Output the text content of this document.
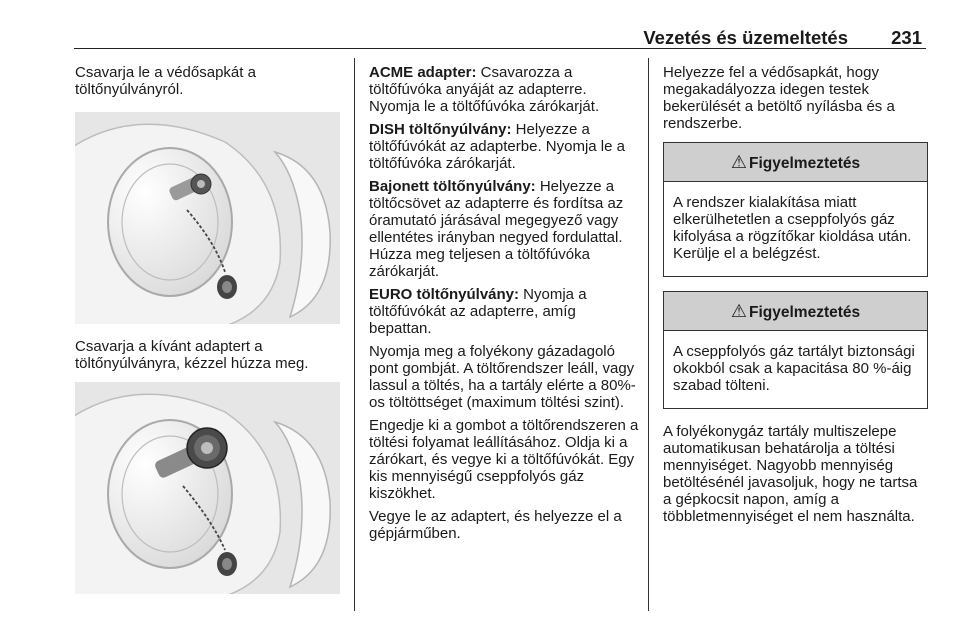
Vezetés és üzemeltetés 231

Csavarja le a védősapkát a töltőnyúlványról.

Csavarja a kívánt adaptert a töltőnyúlványra, kézzel húzza meg.

ACME adapter: Csavarozza a töltőfúvóka anyáját az adapterre. Nyomja le a töltőfúvóka zárókarját.

DISH töltőnyúlvány: Helyezze a töltőfúvókát az adapterbe. Nyomja le a töltőfúvóka zárókarját.

Bajonett töltőnyúlvány: Helyezze a töltőcsövet az adapterre és fordítsa az óramutató járásával megegyező vagy ellentétes irányban negyed fordulattal. Húzza meg teljesen a töltőfúvóka zárókarját.

EURO töltőnyúlvány: Nyomja a töltőfúvókát az adapterre, amíg bepattan.

Nyomja meg a folyékony gázadagoló pont gombját. A töltőrendszer leáll, vagy lassul a töltés, ha a tartály elérte a 80%-os töltöttséget (maximum töltési szint).

Engedje ki a gombot a töltőrendszeren a töltési folyamat leállításához. Oldja ki a zárókart, és vegye ki a töltőfúvókát. Egy kis mennyiségű cseppfolyós gáz kiszökhet.

Vegye le az adaptert, és helyezze el a gépjárműben.

Helyezze fel a védősapkát, hogy megakadályozza idegen testek bekerülését a betöltő nyílásba és a rendszerbe.

⚠ Figyelmeztetés
A rendszer kialakítása miatt elkerülhetetlen a cseppfolyós gáz kifolyása a rögzítőkar kioldása után. Kerülje el a belégzést.
⚠ Figyelmeztetés
A cseppfolyós gáz tartályt biztonsági okokból csak a kapacitása 80 %-áig szabad tölteni.

A folyékonygáz tartály multiszelepe automatikusan behatárolja a töltési mennyiséget. Nagyobb mennyiség betöltésénél javasoljuk, hogy ne tartsa a gépkocsit napon, amíg a többletmennyiséget el nem használta.
